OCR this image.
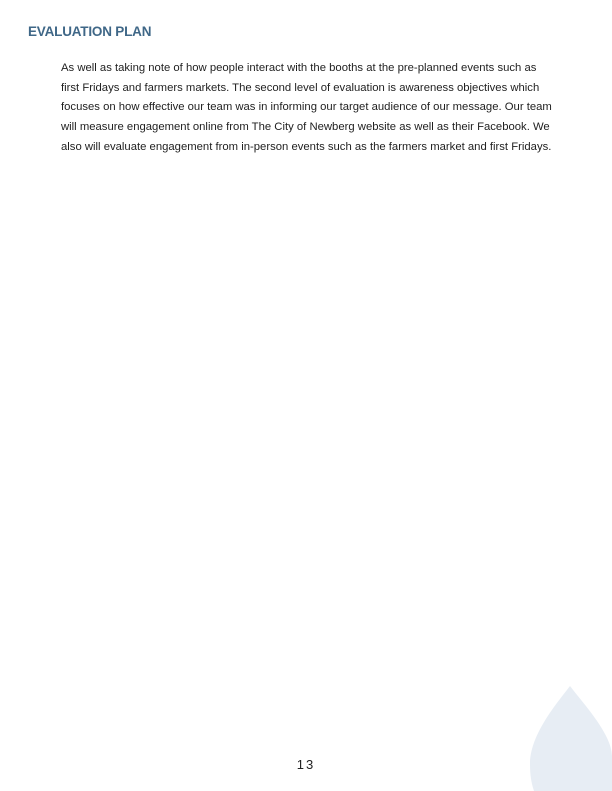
EVALUATION PLAN

As well as taking note of how people interact with the booths at the pre-planned events such as first Fridays and farmers markets. The second level of evaluation is awareness objectives which focuses on how effective our team was in informing our target audience of our message. Our team will measure engagement online from The City of Newberg website as well as their Facebook. We also will evaluate engagement from in-person events such as the farmers market and first Fridays.

13
